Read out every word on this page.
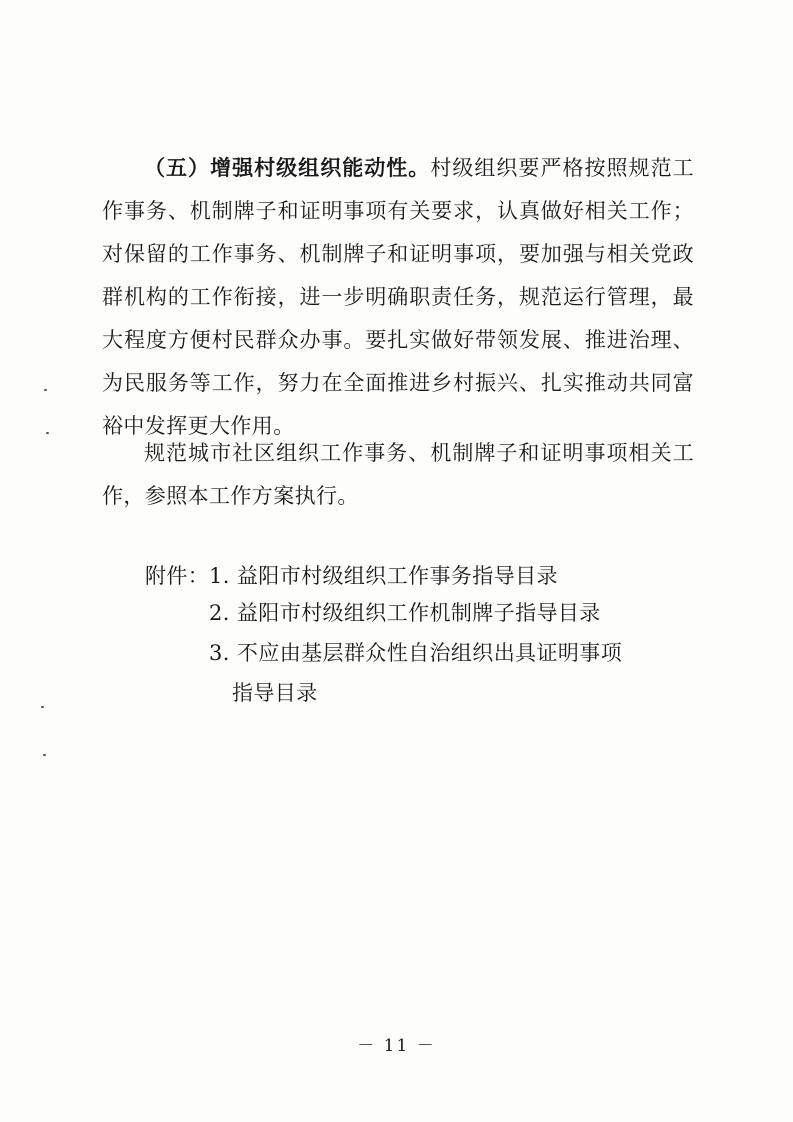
（五）增强村级组织能动性。村级组织要严格按照规范工作事务、机制牌子和证明事项有关要求，认真做好相关工作；对保留的工作事务、机制牌子和证明事项，要加强与相关党政群机构的工作衔接，进一步明确职责任务，规范运行管理，最大程度方便村民群众办事。要扎实做好带领发展、推进治理、为民服务等工作，努力在全面推进乡村振兴、扎实推动共同富裕中发挥更大作用。

规范城市社区组织工作事务、机制牌子和证明事项相关工作，参照本工作方案执行。

附件： 1. 益阳市村级组织工作事务指导目录
2. 益阳市村级组织工作机制牌子指导目录
3. 不应由基层群众性自治组织出具证明事项
指导目录
－ 11 －
